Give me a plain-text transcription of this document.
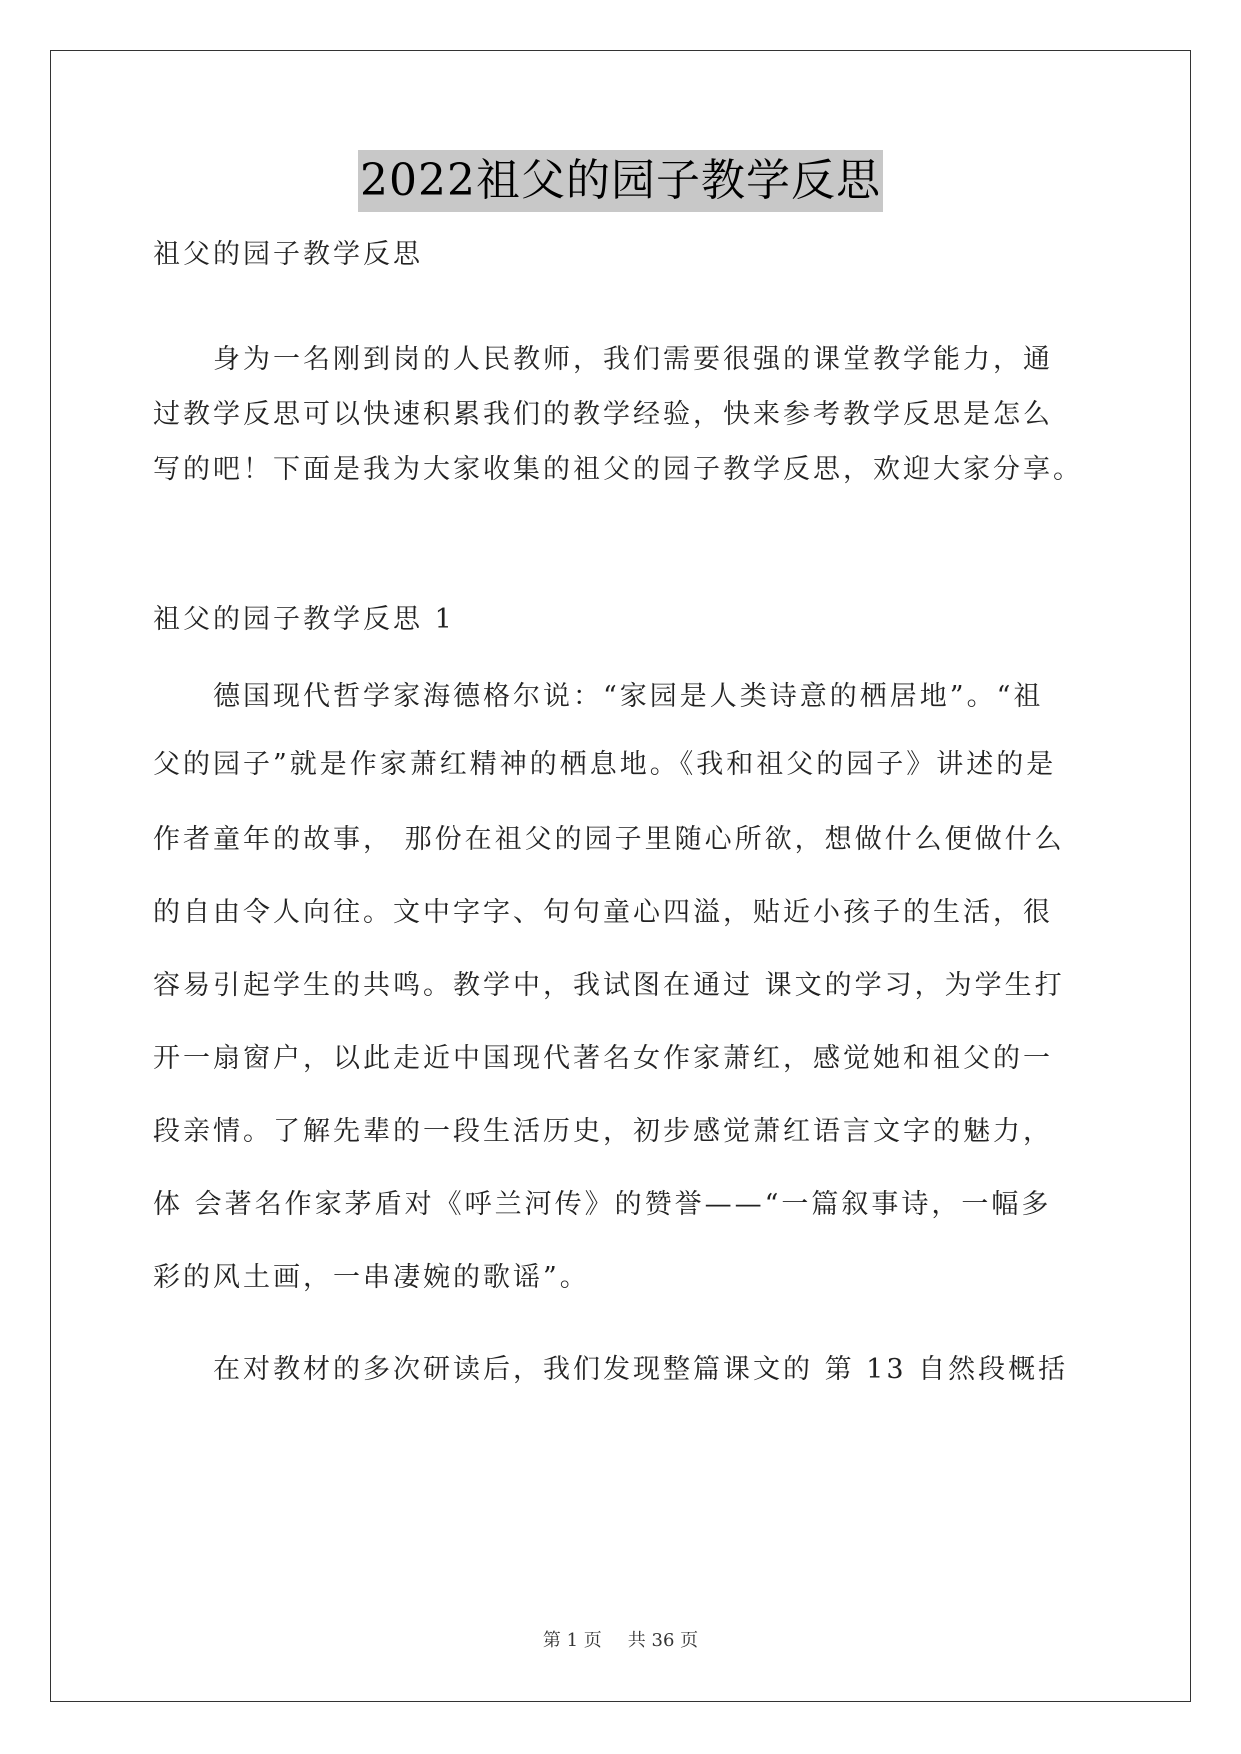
2022祖父的园子教学反思
祖父的园子教学反思
身为一名刚到岗的人民教师，我们需要很强的课堂教学能力，通
过教学反思可以快速积累我们的教学经验，快来参考教学反思是怎么
写的吧！下面是我为大家收集的祖父的园子教学反思，欢迎大家分享。
祖父的园子教学反思 1
德国现代哲学家海德格尔说：“家园是人类诗意的栖居地”。“祖
父的园子”就是作家萧红精神的栖息地。《我和祖父的园子》讲述的是
作者童年的故事， 那份在祖父的园子里随心所欲，想做什么便做什么
的自由令人向往。文中字字、句句童心四溢，贴近小孩子的生活，很
容易引起学生的共鸣。教学中，我试图在通过 课文的学习，为学生打
开一扇窗户，以此走近中国现代著名女作家萧红，感觉她和祖父的一
段亲情。了解先辈的一段生活历史，初步感觉萧红语言文字的魅力，
体 会著名作家茅盾对《呼兰河传》的赞誉——“一篇叙事诗，一幅多
彩的风土画，一串凄婉的歌谣”。
在对教材的多次研读后，我们发现整篇课文的 第 13 自然段概括
第 1 页 共 36 页
